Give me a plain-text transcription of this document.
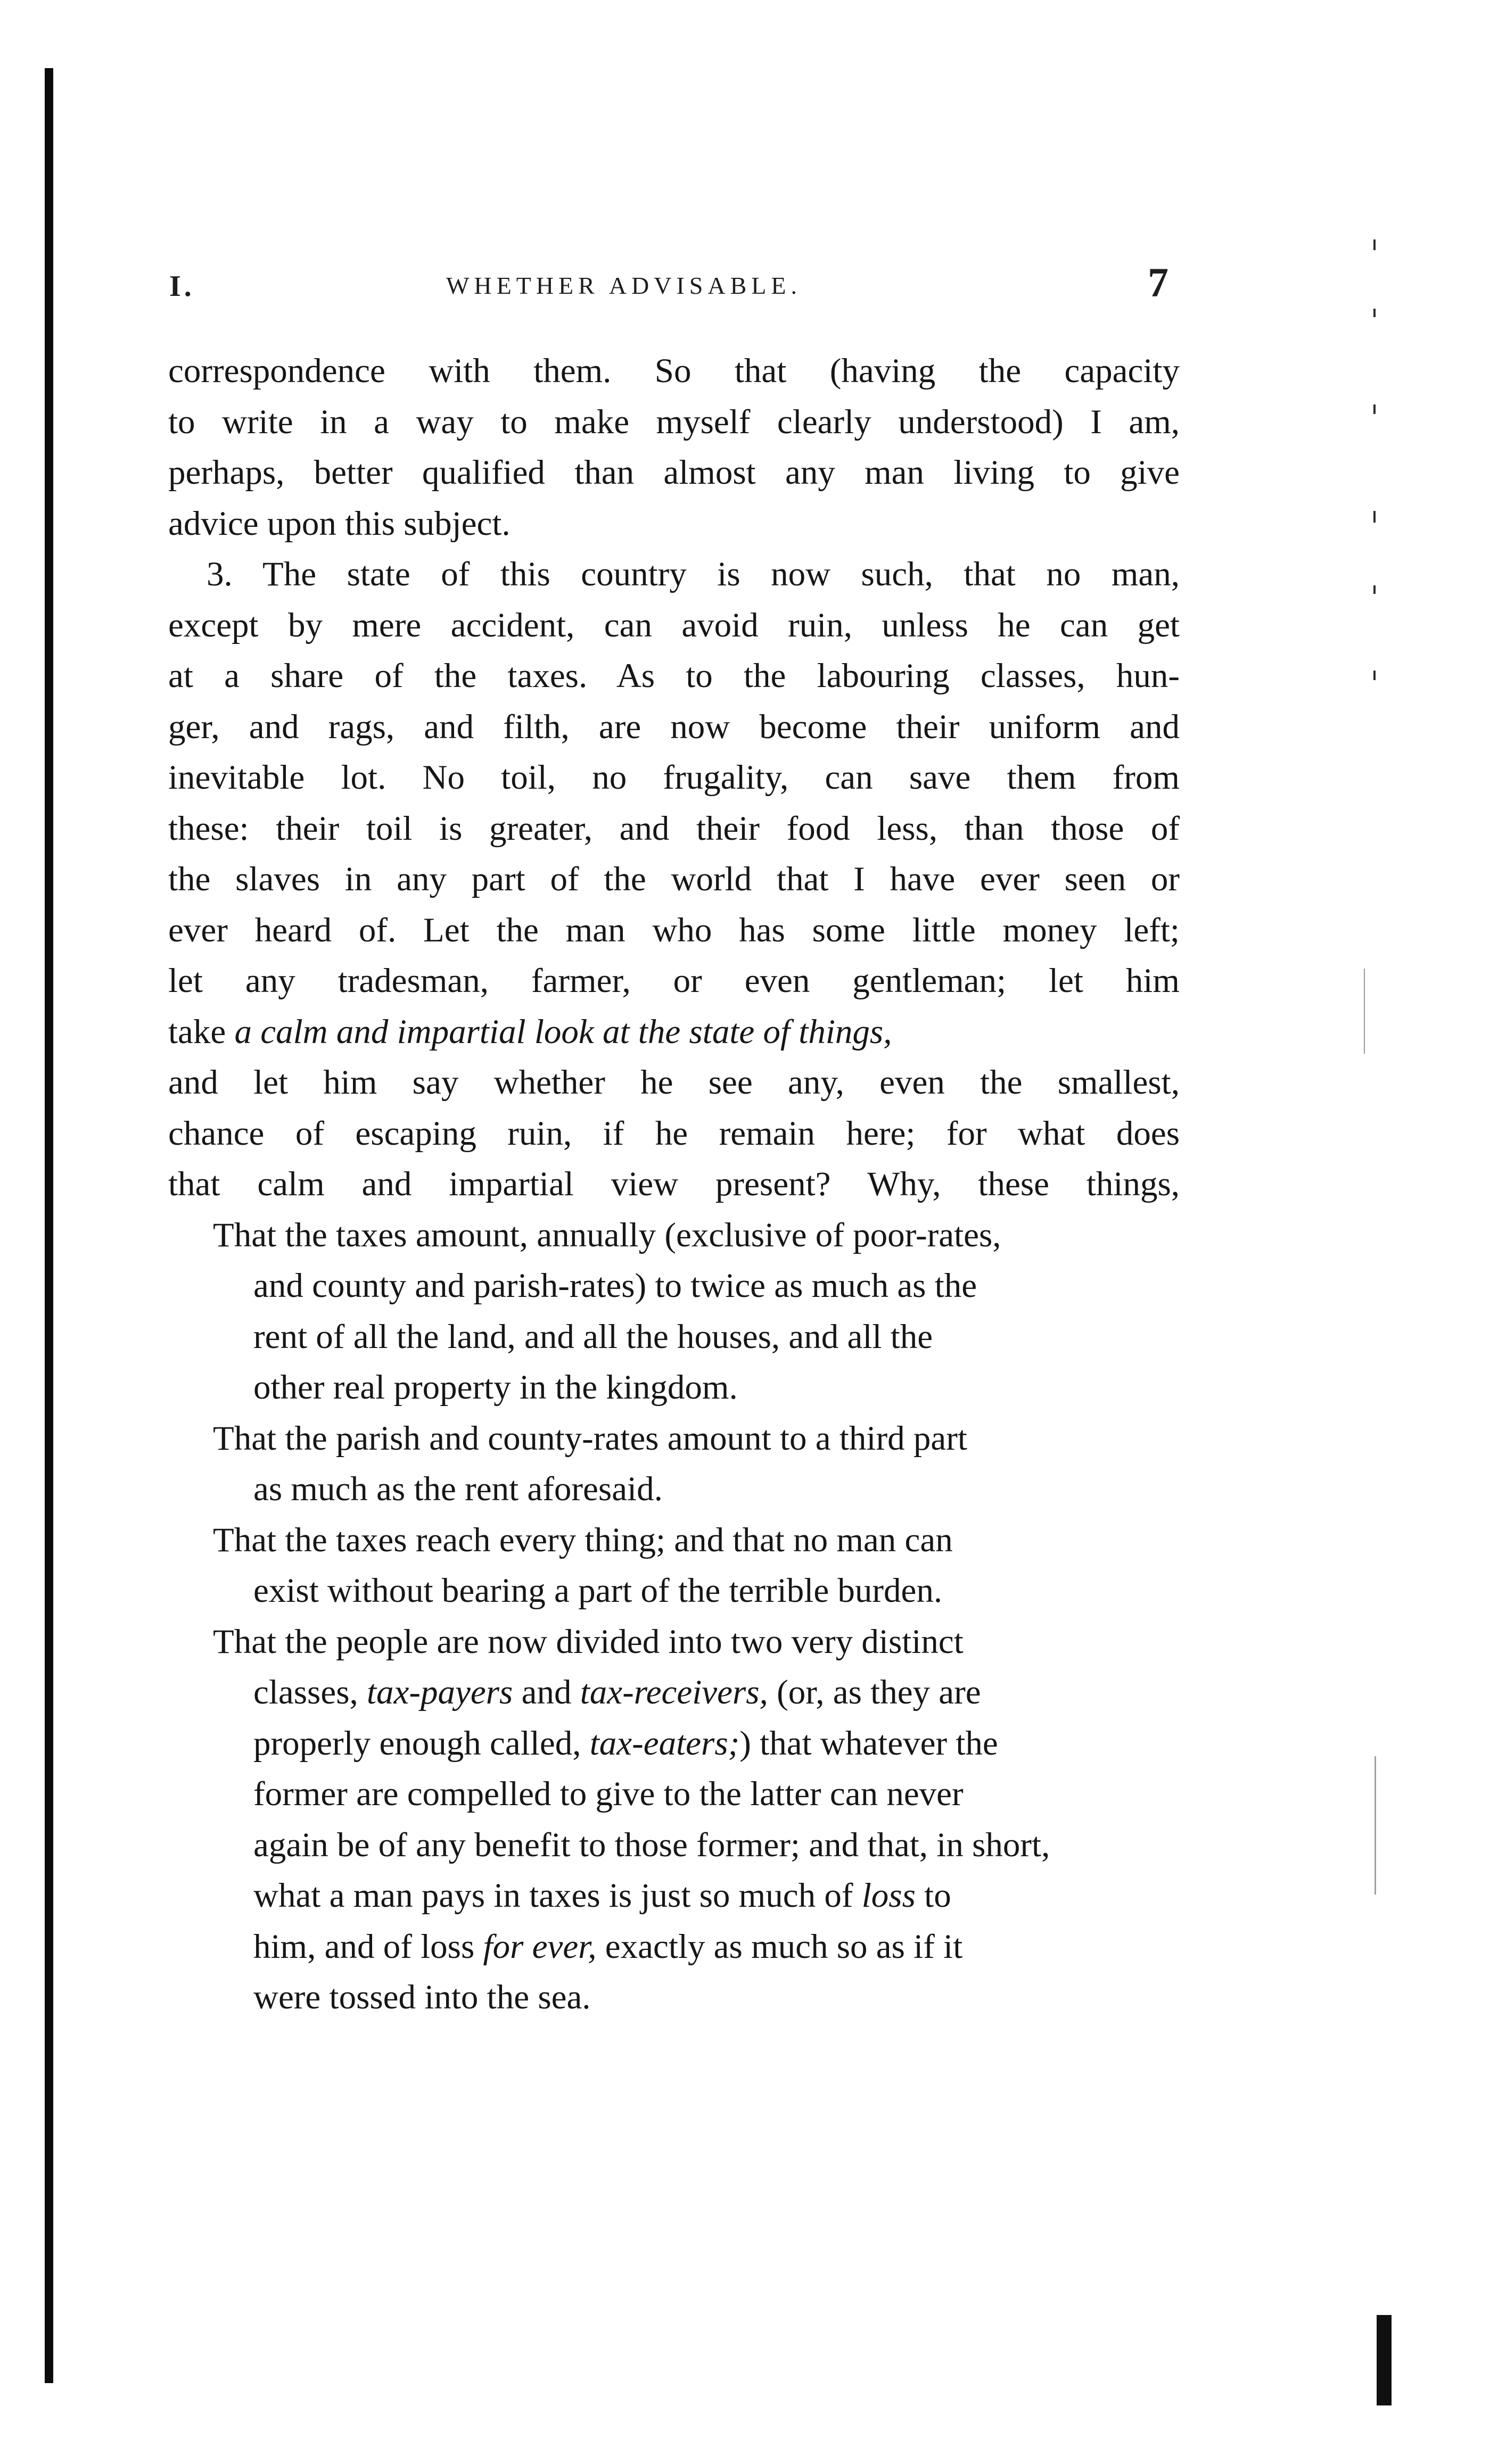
I.	WHETHER ADVISABLE.	7
correspondence with them. So that (having the capacity
to write in a way to make myself clearly understood) I am,
perhaps, better qualified than almost any man living to give
advice upon this subject.
3. The state of this country is now such, that no man,
except by mere accident, can avoid ruin, unless he can get
at a share of the taxes. As to the labouring classes, hun-
ger, and rags, and filth, are now become their uniform and
inevitable lot. No toil, no frugality, can save them from
these: their toil is greater, and their food less, than those of
the slaves in any part of the world that I have ever seen or
ever heard of. Let the man who has some little money left;
let any tradesman, farmer, or even gentleman; let him
take a calm and impartial look at the state of things,
and let him say whether he see any, even the smallest,
chance of escaping ruin, if he remain here; for what does
that calm and impartial view present? Why, these things,
That the taxes amount, annually (exclusive of poor-rates,
and county and parish-rates) to twice as much as the
rent of all the land, and all the houses, and all the
other real property in the kingdom.
That the parish and county-rates amount to a third part
as much as the rent aforesaid.
That the taxes reach every thing; and that no man can
exist without bearing a part of the terrible burden.
That the people are now divided into two very distinct
classes, tax-payers and tax-receivers, (or, as they are
properly enough called, tax-eaters;) that whatever the
former are compelled to give to the latter can never
again be of any benefit to those former; and that, in short,
what a man pays in taxes is just so much of loss to
him, and of loss for ever, exactly as much so as if it
were tossed into the sea.
